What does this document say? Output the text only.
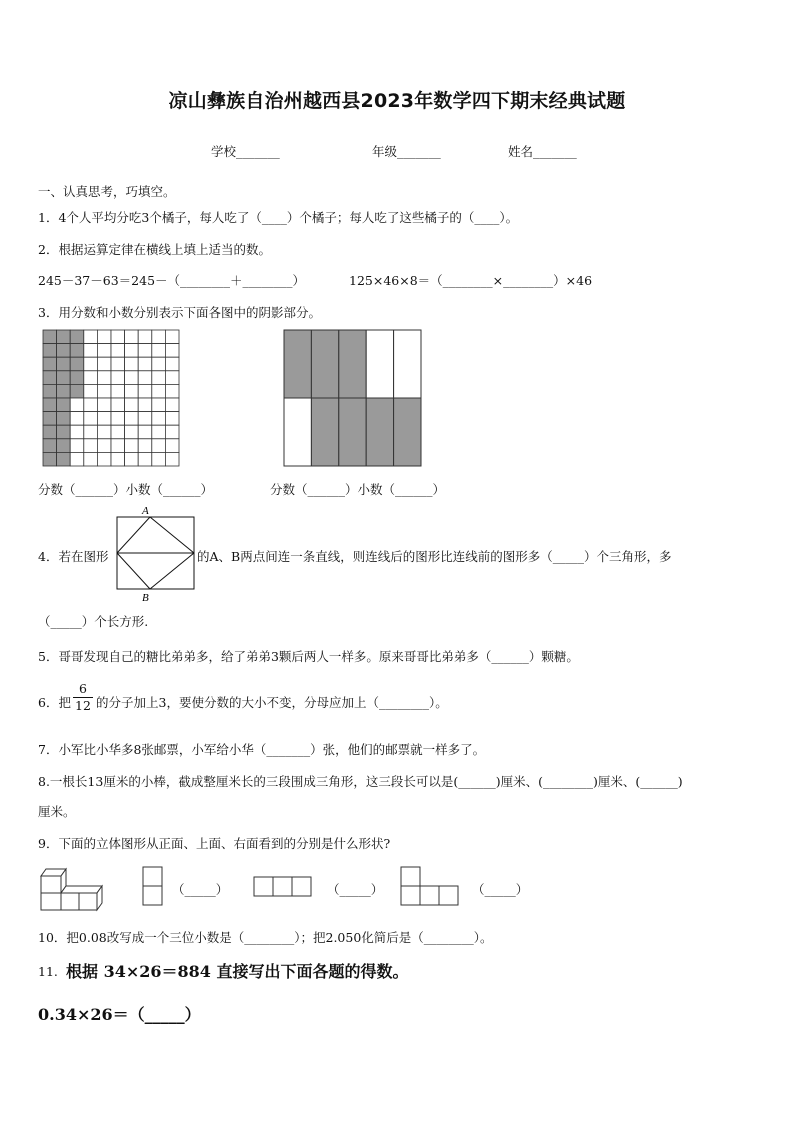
凉山彝族自治州越西县2023年数学四下期末经典试题
学校_______	年级_______	姓名_______
一、认真思考，巧填空。
1．4个人平均分吃3个橘子，每人吃了（____）个橘子；每人吃了这些橘子的（____）。
2．根据运算定律在横线上填上适当的数。
245－37－63＝245－（________＋________）	125×46×8＝（________×________）×46
3．用分数和小数分别表示下面各图中的阴影部分。
分数（______）小数（______）	分数（______）小数（______）
4．若在图形
A
B
的A、B两点间连一条直线，则连线后的图形比连线前的图形多（_____）个三角形，多
（_____）个长方形.
5．哥哥发现自己的糖比弟弟多，给了弟弟3颗后两人一样多。原来哥哥比弟弟多（______）颗糖。
6．把 $\frac{6}{12}$ 的分子加上3，要使分数的大小不变，分母应加上（________）。
7．小军比小华多8张邮票，小军给小华（_______）张，他们的邮票就一样多了。
8.一根长13厘米的小棒，截成整厘米长的三段围成三角形，这三段长可以是(______)厘米、(________)厘米、(______)
厘米。
9．下面的立体图形从正面、上面、右面看到的分别是什么形状?
（_____）	（_____）	（_____）
10．把0.08改写成一个三位小数是（________）；把2.050化简后是（________）。
11. 根据 34×26＝884 直接写出下面各题的得数。
0.34×26＝（_____）
